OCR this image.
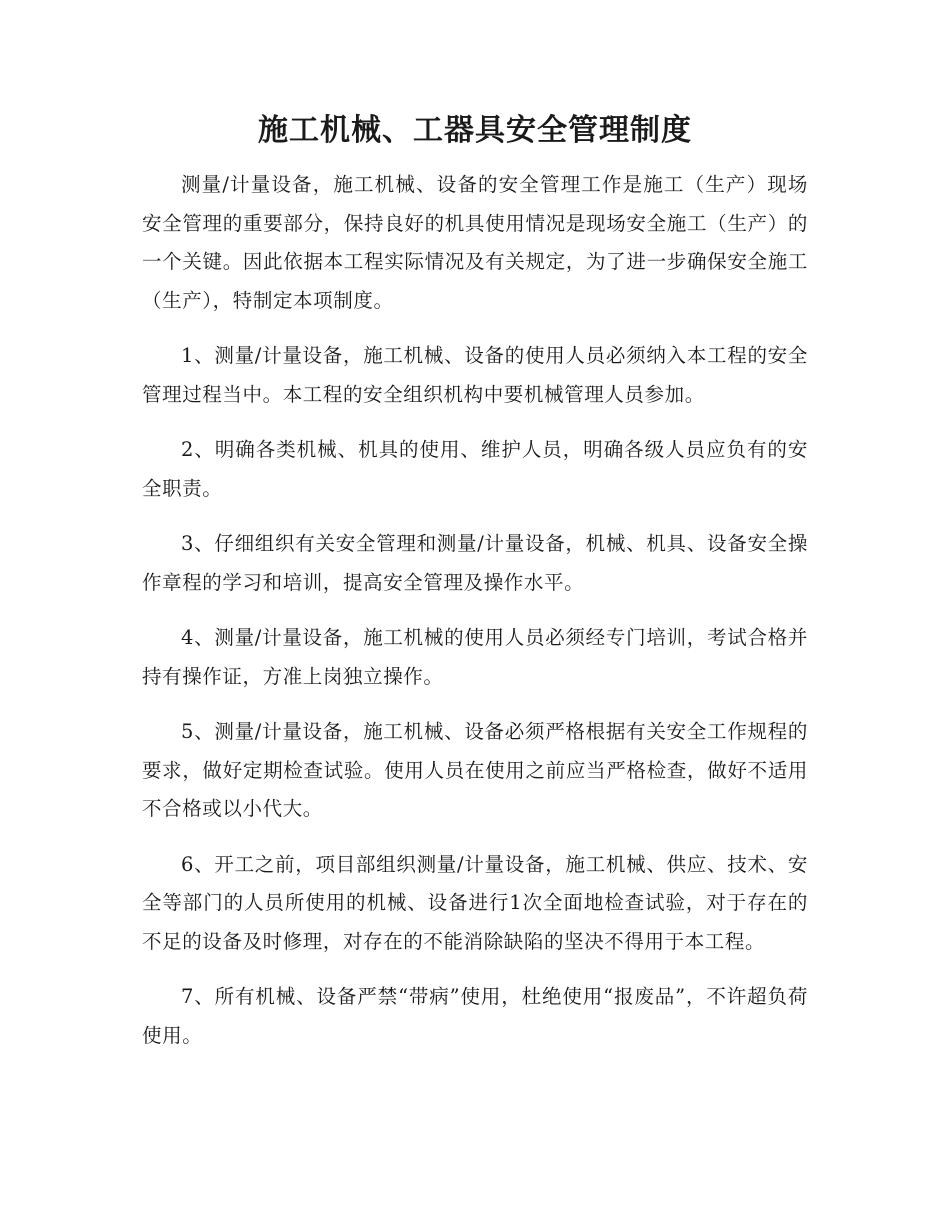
施工机械、工器具安全管理制度

测量/计量设备，施工机械、设备的安全管理工作是施工（生产）现场安全管理的重要部分，保持良好的机具使用情况是现场安全施工（生产）的一个关键。因此依据本工程实际情况及有关规定，为了进一步确保安全施工（生产），特制定本项制度。

1、测量/计量设备，施工机械、设备的使用人员必须纳入本工程的安全管理过程当中。本工程的安全组织机构中要机械管理人员参加。

2、明确各类机械、机具的使用、维护人员，明确各级人员应负有的安全职责。

3、仔细组织有关安全管理和测量/计量设备，机械、机具、设备安全操作章程的学习和培训，提高安全管理及操作水平。

4、测量/计量设备，施工机械的使用人员必须经专门培训，考试合格并持有操作证，方准上岗独立操作。

5、测量/计量设备，施工机械、设备必须严格根据有关安全工作规程的要求，做好定期检查试验。使用人员在使用之前应当严格检查，做好不适用不合格或以小代大。

6、开工之前，项目部组织测量/计量设备，施工机械、供应、技术、安全等部门的人员所使用的机械、设备进行1次全面地检查试验，对于存在的不足的设备及时修理，对存在的不能消除缺陷的坚决不得用于本工程。

7、所有机械、设备严禁“带病”使用，杜绝使用“报废品”，不许超负荷使用。
